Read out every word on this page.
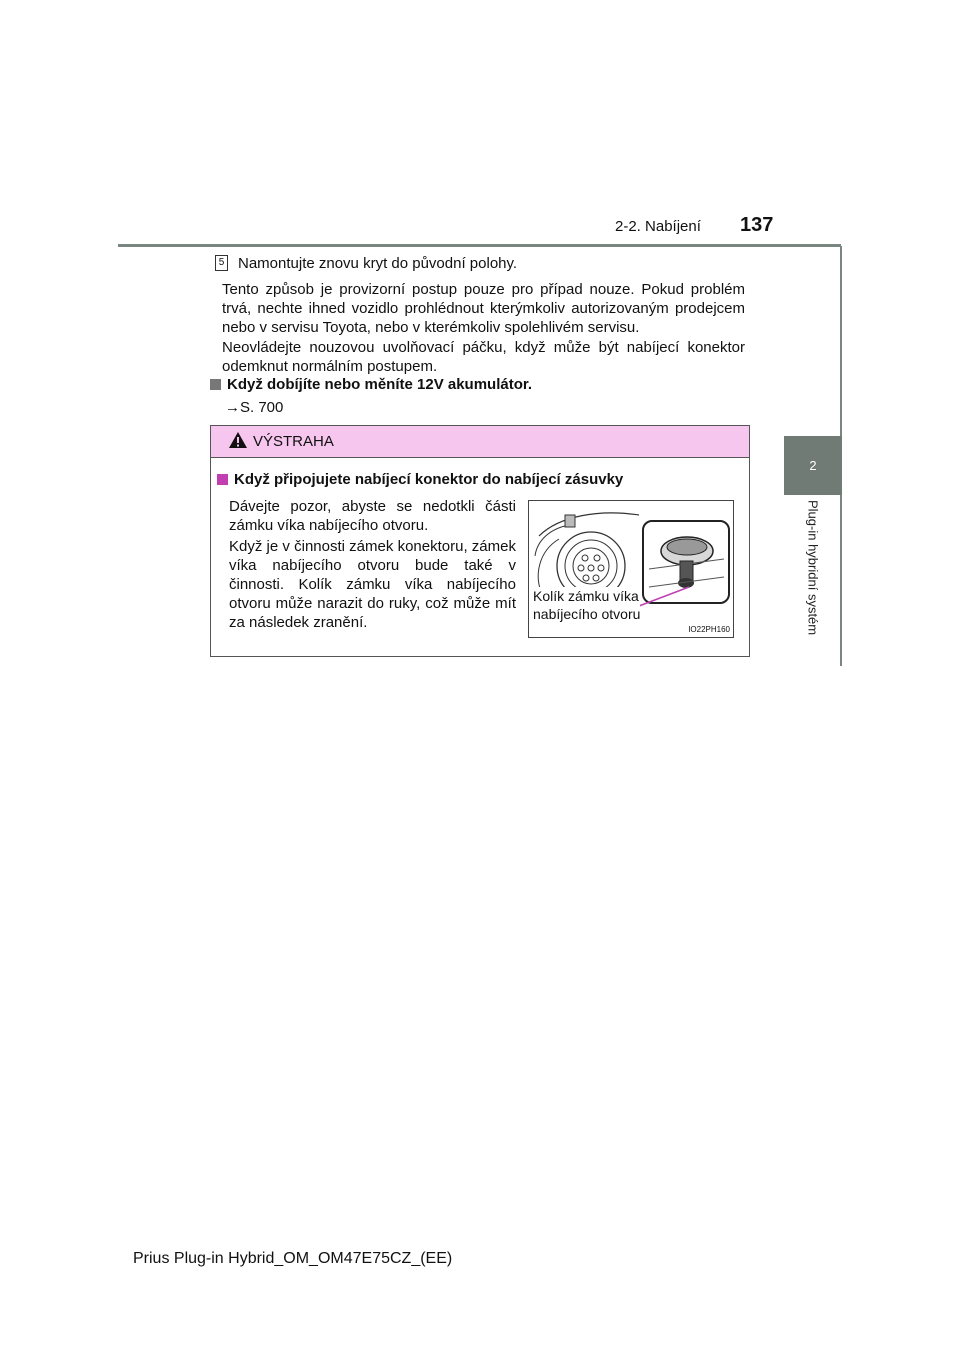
2-2. Nabíjení 137
2
Plug-in hybridní systém
5 Namontujte znovu kryt do původní polohy.
Tento způsob je provizorní postup pouze pro případ nouze. Pokud problém trvá, nechte ihned vozidlo prohlédnout kterýmkoliv autorizovaným prodejcem nebo v servisu Toyota, nebo v kterémkoliv spolehlivém servisu.
Neovládejte nouzovou uvolňovací páčku, když může být nabíjecí konektor odemknut normálním postupem.
Když dobíjíte nebo měníte 12V akumulátor.
→S. 700
VÝSTRAHA
Když připojujete nabíjecí konektor do nabíjecí zásuvky
Dávejte pozor, abyste se nedotkli části zámku víka nabíjecího otvoru.
Když je v činnosti zámek konektoru, zámek víka nabíjecího otvoru bude také v činnosti. Kolík zámku víka nabíjecího otvoru může narazit do ruky, což může mít za následek zranění.
Kolík zámku víka
nabíjecího otvoru
IO22PH160
Prius Plug-in Hybrid_OM_OM47E75CZ_(EE)
